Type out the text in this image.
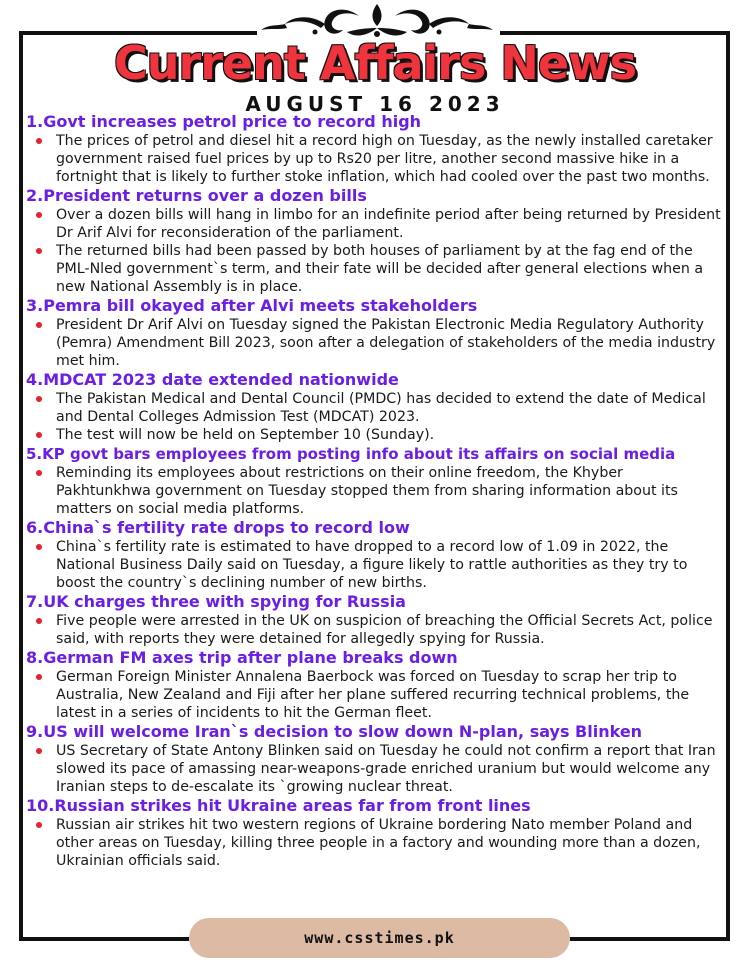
Current Affairs News
AUGUST 16 2023
1.Govt increases petrol price to record high
The prices of petrol and diesel hit a record high on Tuesday, as the newly installed caretaker government raised fuel prices by up to Rs20 per litre, another second massive hike in a fortnight that is likely to further stoke inflation, which had cooled over the past two months.
2.President returns over a dozen bills
Over a dozen bills will hang in limbo for an indefinite period after being returned by President Dr Arif Alvi for reconsideration of the parliament.
The returned bills had been passed by both houses of parliament by at the fag end of the PML-Nled government`s term, and their fate will be decided after general elections when a new National Assembly is in place.
3.Pemra bill okayed after Alvi meets stakeholders
President Dr Arif Alvi on Tuesday signed the Pakistan Electronic Media Regulatory Authority (Pemra) Amendment Bill 2023, soon after a delegation of stakeholders of the media industry met him.
4.MDCAT 2023 date extended nationwide
The Pakistan Medical and Dental Council (PMDC) has decided to extend the date of Medical and Dental Colleges Admission Test (MDCAT) 2023.
The test will now be held on September 10 (Sunday).
5.KP govt bars employees from posting info about its affairs on social media
Reminding its employees about restrictions on their online freedom, the Khyber Pakhtunkhwa government on Tuesday stopped them from sharing information about its matters on social media platforms.
6.China`s fertility rate drops to record low
China`s fertility rate is estimated to have dropped to a record low of 1.09 in 2022, the National Business Daily said on Tuesday, a figure likely to rattle authorities as they try to boost the country`s declining number of new births.
7.UK charges three with spying for Russia
Five people were arrested in the UK on suspicion of breaching the Official Secrets Act, police said, with reports they were detained for allegedly spying for Russia.
8.German FM axes trip after plane breaks down
German Foreign Minister Annalena Baerbock was forced on Tuesday to scrap her trip to Australia, New Zealand and Fiji after her plane suffered recurring technical problems, the latest in a series of incidents to hit the German fleet.
9.US will welcome Iran`s decision to slow down N-plan, says Blinken
US Secretary of State Antony Blinken said on Tuesday he could not confirm a report that Iran slowed its pace of amassing near-weapons-grade enriched uranium but would welcome any Iranian steps to de-escalate its `growing nuclear threat.
10.Russian strikes hit Ukraine areas far from front lines
Russian air strikes hit two western regions of Ukraine bordering Nato member Poland and other areas on Tuesday, killing three people in a factory and wounding more than a dozen, Ukrainian officials said.
www.csstimes.pk
